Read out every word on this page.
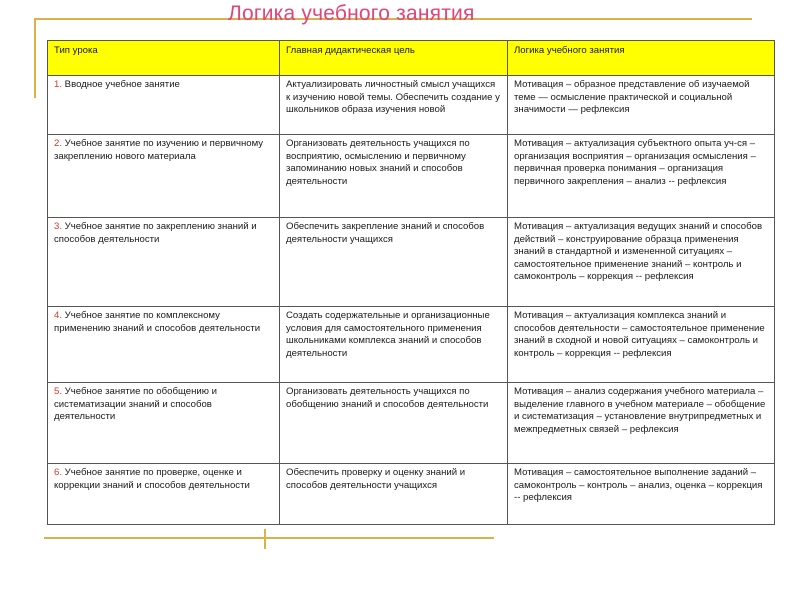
Логика учебного занятия
Тип урока	Главная дидактическая цель	Логика учебного занятия
1. Вводное учебное занятие	Актуализировать личностный смысл учащихся к изучению новой темы. Обеспечить создание у школьников образа изучения новой	Мотивация – образное представление об изучаемой теме — осмысление практической и социальной значимости — рефлексия
2. Учебное занятие по изучению и первичному закреплению нового материала	Организовать деятельность учащихся по восприятию, осмыслению и первичному запоминанию новых знаний и способов деятельности	Мотивация – актуализация субъектного опыта уч-ся – организация восприятия – организация осмысления – первичная проверка понимания – организация первичного закрепления – анализ -- рефлексия
3. Учебное занятие по закреплению знаний и способов деятельности	Обеспечить закрепление знаний и способов деятельности учащихся	Мотивация – актуализация ведущих знаний и способов действий – конструирование образца применения знаний в стандартной и измененной ситуациях – самостоятельное применение знаний – контроль и самоконтроль – коррекция -- рефлексия
4. Учебное занятие по комплексному применению знаний и способов деятельности	Создать содержательные и организационные условия для самостоятельного применения школьниками комплекса знаний и способов деятельности	Мотивация – актуализация комплекса знаний и способов деятельности – самостоятельное применение знаний в сходной и новой ситуациях – самоконтроль и контроль – коррекция -- рефлексия
5. Учебное занятие по обобщению и систематизации знаний и способов деятельности	Организовать деятельность учащихся по обобщению знаний и способов деятельности	Мотивация – анализ содержания учебного материала – выделение главного в учебном материале – обобщение и систематизация – установление внутрипредметных и межпредметных связей – рефлексия
6. Учебное занятие по проверке, оценке и коррекции знаний и способов деятельности	Обеспечить проверку и оценку знаний и способов деятельности учащихся	Мотивация – самостоятельное выполнение заданий – самоконтроль – контроль – анализ, оценка – коррекция -- рефлексия
